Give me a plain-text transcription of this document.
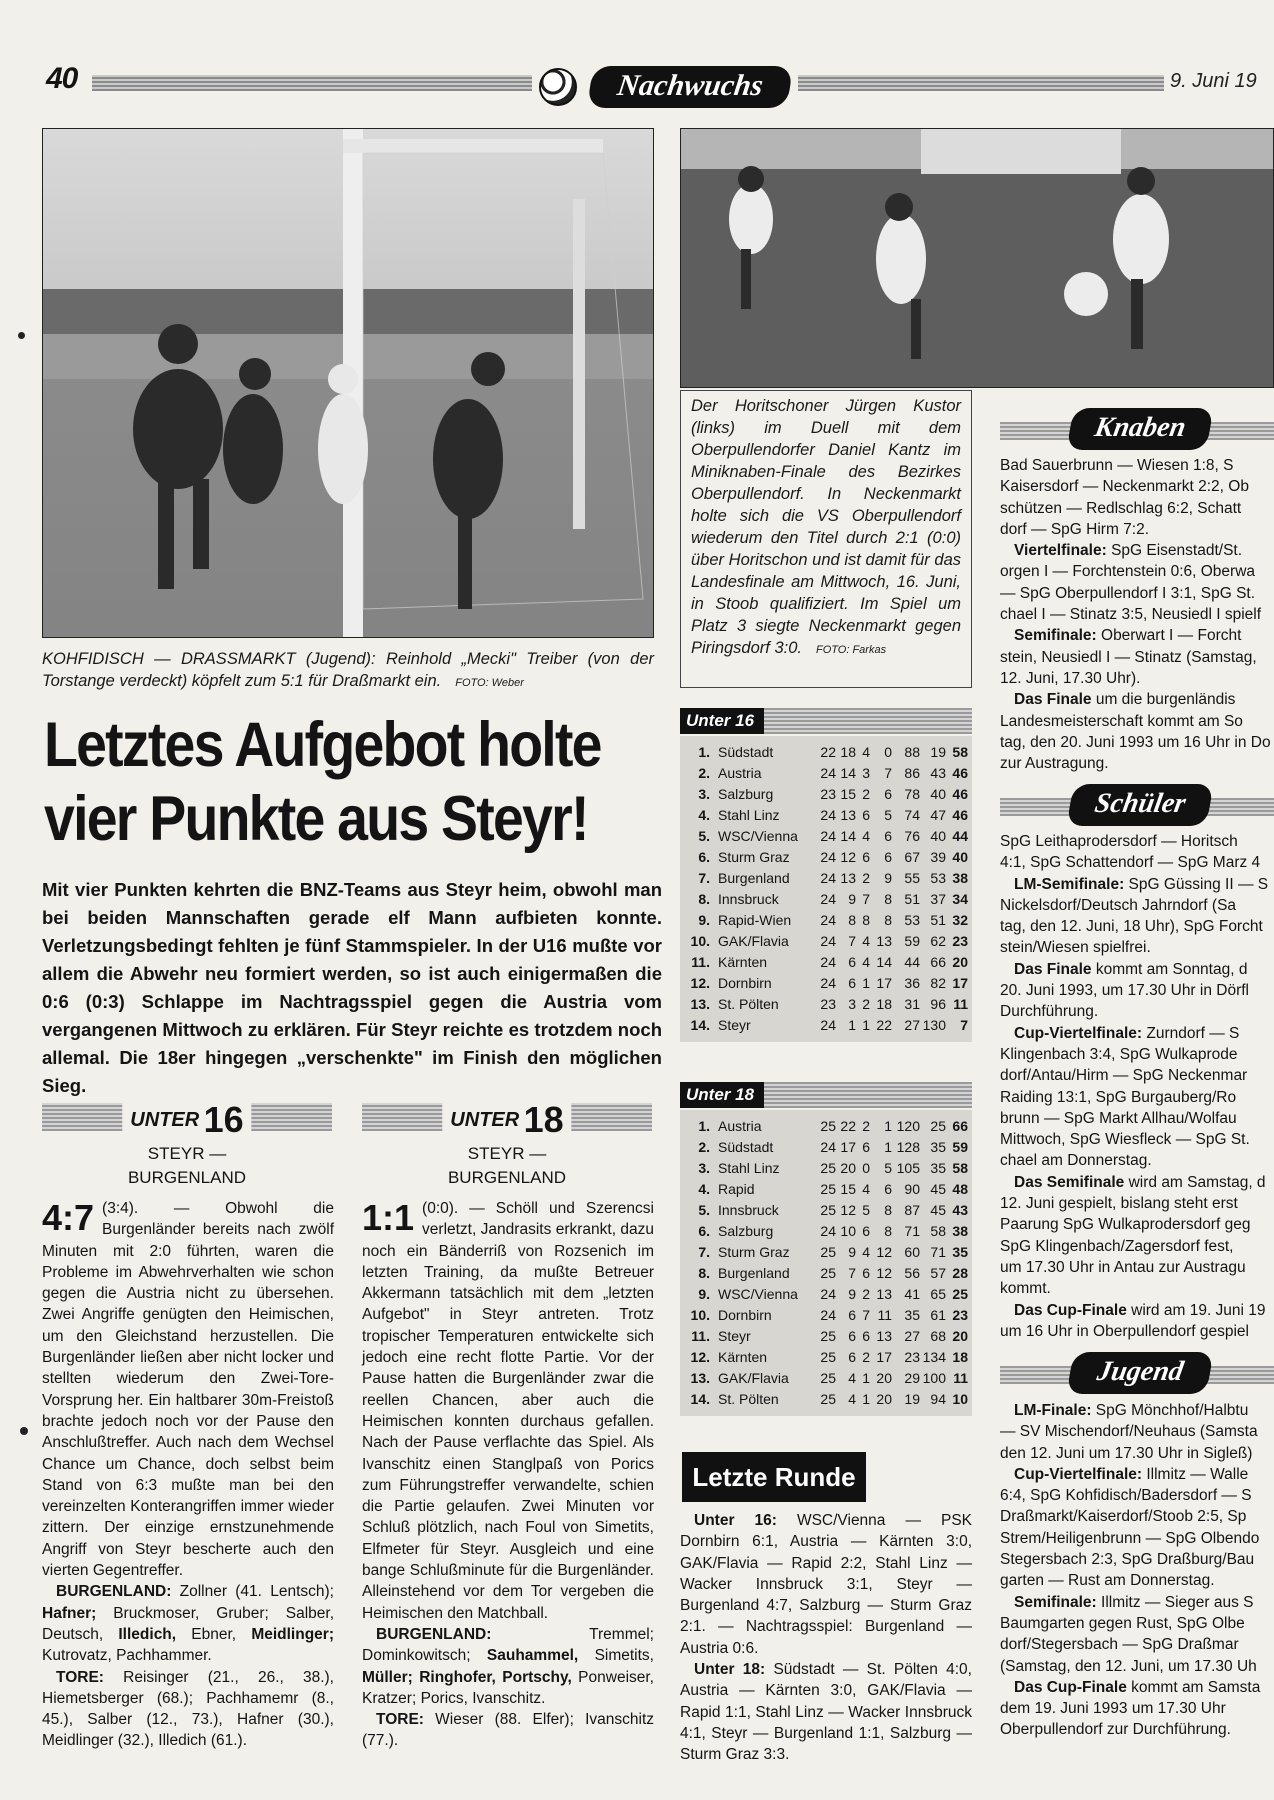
40	Nachwuchs	9. Juni 19
KOHFIDISCH — DRASSMARKT (Jugend): Reinhold „Mecki" Treiber (von der Torstange verdeckt) köpfelt zum 5:1 für Draßmarkt ein. FOTO: Weber
Der Horitschoner Jürgen Kustor (links) im Duell mit dem Oberpullendorfer Daniel Kantz im Miniknaben-Finale des Bezirkes Oberpullendorf. In Neckenmarkt holte sich die VS Oberpullendorf wiederum den Titel durch 2:1 (0:0) über Horitschon und ist damit für das Landesfinale am Mittwoch, 16. Juni, in Stoob qualifiziert. Im Spiel um Platz 3 siegte Neckenmarkt gegen Piringsdorf 3:0. FOTO: Farkas
Letztes Aufgebot holte
vier Punkte aus Steyr!
Mit vier Punkten kehrten die BNZ-Teams aus Steyr heim, obwohl man bei beiden Mannschaften gerade elf Mann aufbieten konnte. Verletzungsbedingt fehlten je fünf Stammspieler. In der U16 mußte vor allem die Abwehr neu formiert werden, so ist auch einigermaßen die 0:6 (0:3) Schlappe im Nachtragsspiel gegen die Austria vom vergangenen Mittwoch zu erklären. Für Steyr reichte es trotzdem noch allemal. Die 18er hingegen „verschenkte" im Finish den möglichen Sieg.
UNTER 16
STEYR —
BURGENLAND
4:7 (3:4). — Obwohl die Burgenländer bereits nach zwölf Minuten mit 2:0 führten, waren die Probleme im Abwehrverhalten wie schon gegen die Austria nicht zu übersehen. Zwei Angriffe genügten den Heimischen, um den Gleichstand herzustellen. Die Burgenländer ließen aber nicht locker und stellten wiederum den Zwei-Tore-Vorsprung her. Ein haltbarer 30m-Freistoß brachte jedoch noch vor der Pause den Anschlußtreffer. Auch nach dem Wechsel Chance um Chance, doch selbst beim Stand von 6:3 mußte man bei den vereinzelten Konterangriffen immer wieder zittern. Der einzige ernstzunehmende Angriff von Steyr bescherte auch den vierten Gegentreffer.
BURGENLAND: Zollner (41. Lentsch); Hafner; Bruckmoser, Gruber; Salber, Deutsch, Illedich, Ebner, Meidlinger; Kutrovatz, Pachhammer.
TORE: Reisinger (21., 26., 38.), Hiemetsberger (68.); Pachhamemr (8., 45.), Salber (12., 73.), Hafner (30.), Meidlinger (32.), Illedich (61.).
UNTER 18
STEYR —
BURGENLAND
1:1 (0:0). — Schöll und Szerencsi verletzt, Jandrasits erkrankt, dazu noch ein Bänderriß von Rozsenich im letzten Training, da mußte Betreuer Akkermann tatsächlich mit dem „letzten Aufgebot" in Steyr antreten. Trotz tropischer Temperaturen entwickelte sich jedoch eine recht flotte Partie. Vor der Pause hatten die Burgenländer zwar die reellen Chancen, aber auch die Heimischen konnten durchaus gefallen. Nach der Pause verflachte das Spiel. Als Ivanschitz einen Stanglpaß von Porics zum Führungstreffer verwandelte, schien die Partie gelaufen. Zwei Minuten vor Schluß plötzlich, nach Foul von Simetits, Elfmeter für Steyr. Ausgleich und eine bange Schlußminute für die Burgenländer. Alleinstehend vor dem Tor vergeben die Heimischen den Matchball.
BURGENLAND:	Tremmel; Dominkowitsch; Sauhammel, Simetits, Müller; Ringhofer, Portschy, Ponweiser, Kratzer; Porics, Ivanschitz.
TORE: Wieser (88. Elfer); Ivanschitz (77.).
Unter 16
1.	Südstadt	22	18	4	0	88	19	58
2.	Austria	24	14	3	7	86	43	46
3.	Salzburg	23	15	2	6	78	40	46
4.	Stahl Linz	24	13	6	5	74	47	46
5.	WSC/Vienna	24	14	4	6	76	40	44
6.	Sturm Graz	24	12	6	6	67	39	40
7.	Burgenland	24	13	2	9	55	53	38
8.	Innsbruck	24	9	7	8	51	37	34
9.	Rapid-Wien	24	8	8	8	53	51	32
10.	GAK/Flavia	24	7	4	13	59	62	23
11.	Kärnten	24	6	4	14	44	66	20
12.	Dornbirn	24	6	1	17	36	82	17
13.	St. Pölten	23	3	2	18	31	96	11
14.	Steyr	24	1	1	22	27	130	7
Unter 18
1.	Austria	25	22	2	1	120	25	66
2.	Südstadt	24	17	6	1	128	35	59
3.	Stahl Linz	25	20	0	5	105	35	58
4.	Rapid	25	15	4	6	90	45	48
5.	Innsbruck	25	12	5	8	87	45	43
6.	Salzburg	24	10	6	8	71	58	38
7.	Sturm Graz	25	9	4	12	60	71	35
8.	Burgenland	25	7	6	12	56	57	28
9.	WSC/Vienna	24	9	2	13	41	65	25
10.	Dornbirn	24	6	7	11	35	61	23
11.	Steyr	25	6	6	13	27	68	20
12.	Kärnten	25	6	2	17	23	134	18
13.	GAK/Flavia	25	4	1	20	29	100	11
14.	St. Pölten	25	4	1	20	19	94	10
Letzte Runde
Unter 16: WSC/Vienna — PSK Dornbirn 6:1, Austria — Kärnten 3:0, GAK/Flavia — Rapid 2:2, Stahl Linz — Wacker Innsbruck 3:1, Steyr — Burgenland 4:7, Salzburg — Sturm Graz 2:1. — Nachtragsspiel: Burgenland — Austria 0:6.
Unter 18: Südstadt — St. Pölten 4:0, Austria — Kärnten 3:0, GAK/Flavia — Rapid 1:1, Stahl Linz — Wacker Innsbruck 4:1, Steyr — Burgenland 1:1, Salzburg — Sturm Graz 3:3.
Knaben
Bad Sauerbrunn — Wiesen 1:8, S
Kaisersdorf — Neckenmarkt 2:2, Ob
schützen — Redlschlag 6:2, Schatt
dorf — SpG Hirm 7:2.
Viertelfinale: SpG Eisenstadt/St.
orgen I — Forchtenstein 0:6, Oberwa
— SpG Oberpullendorf I 3:1, SpG St.
chael I — Stinatz 3:5, Neusiedl I spielf
Semifinale: Oberwart I — Forcht
stein, Neusiedl I — Stinatz (Samstag,
12. Juni, 17.30 Uhr).
Das Finale um die burgenländis
Landesmeisterschaft kommt am So
tag, den 20. Juni 1993 um 16 Uhr in Do
zur Austragung.
Schüler
SpG Leithaprodersdorf — Horitsch
4:1, SpG Schattendorf — SpG Marz 4
LM-Semifinale: SpG Güssing II — S
Nickelsdorf/Deutsch Jahrndorf (Sa
tag, den 12. Juni, 18 Uhr), SpG Forcht
stein/Wiesen spielfrei.
Das Finale kommt am Sonntag, d
20. Juni 1993, um 17.30 Uhr in Dörfl
Durchführung.
Cup-Viertelfinale: Zurndorf — S
Klingenbach 3:4, SpG Wulkaprode
dorf/Antau/Hirm — SpG Neckenmar
Raiding 13:1, SpG Burgauberg/Ro
brunn — SpG Markt Allhau/Wolfau
Mittwoch, SpG Wiesfleck — SpG St.
chael am Donnerstag.
Das Semifinale wird am Samstag, d
12. Juni gespielt, bislang steht erst
Paarung SpG Wulkaprodersdorf geg
SpG Klingenbach/Zagersdorf fest,
um 17.30 Uhr in Antau zur Austragu
kommt.
Das Cup-Finale wird am 19. Juni 19
um 16 Uhr in Oberpullendorf gespiel
Jugend
LM-Finale: SpG Mönchhof/Halbtu
— SV Mischendorf/Neuhaus (Samsta
den 12. Juni um 17.30 Uhr in Sigleß)
Cup-Viertelfinale: Illmitz — Walle
6:4, SpG Kohfidisch/Badersdorf — S
Draßmarkt/Kaiserdorf/Stoob 2:5, Sp
Strem/Heiligenbrunn — SpG Olbendo
Stegersbach 2:3, SpG Draßburg/Bau
garten — Rust am Donnerstag.
Semifinale: Illmitz — Sieger aus S
Baumgarten gegen Rust, SpG Olbe
dorf/Stegersbach — SpG Draßmar
(Samstag, den 12. Juni, um 17.30 Uh
Das Cup-Finale kommt am Samsta
dem 19. Juni 1993 um 17.30 Uhr
Oberpullendorf zur Durchführung.
